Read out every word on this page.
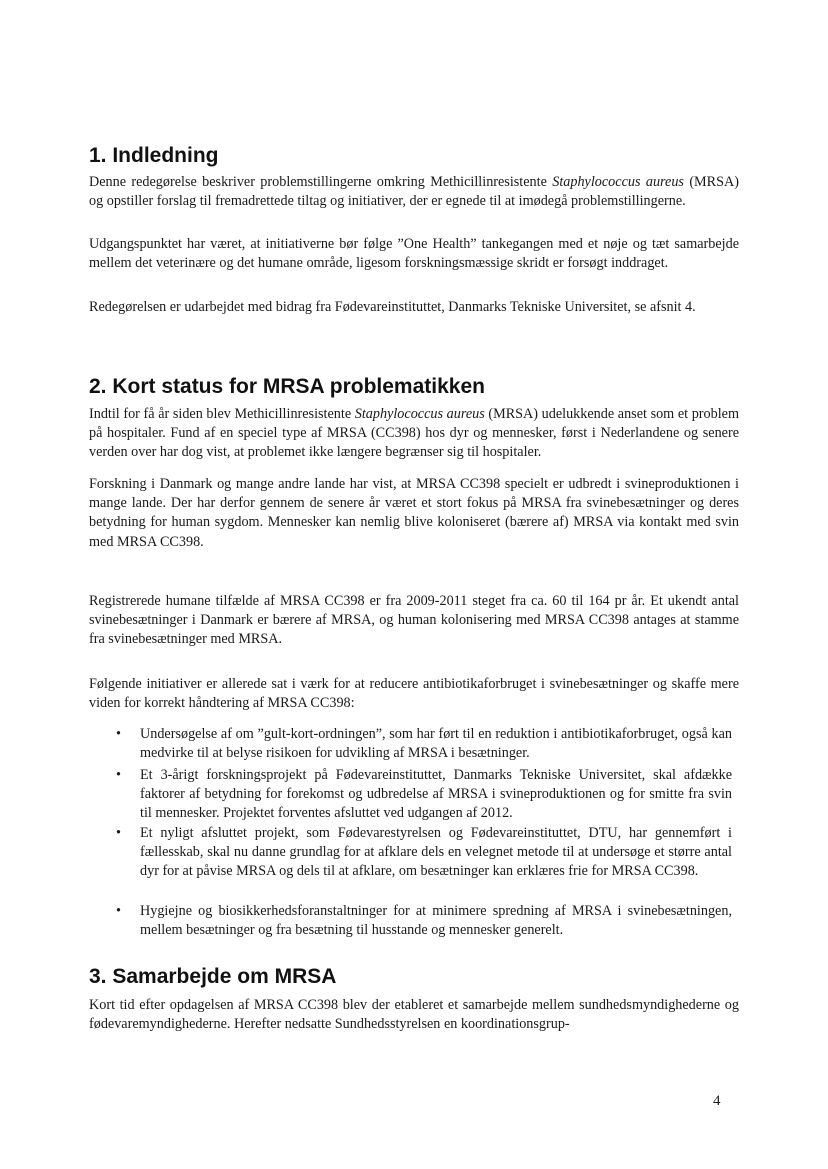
1. Indledning

Denne redegørelse beskriver problemstillingerne omkring Methicillinresistente Staphylococcus aureus (MRSA) og opstiller forslag til fremadrettede tiltag og initiativer, der er egnede til at imødegå problemstillingerne.

Udgangspunktet har været, at initiativerne bør følge ”One Health” tankegangen med et nøje og tæt samarbejde mellem det veterinære og det humane område, ligesom forskningsmæssige skridt er forsøgt inddraget.

Redegørelsen er udarbejdet med bidrag fra Fødevareinstituttet, Danmarks Tekniske Universitet, se afsnit 4.

2. Kort status for MRSA problematikken

Indtil for få år siden blev Methicillinresistente Staphylococcus aureus (MRSA) udelukkende anset som et problem på hospitaler. Fund af en speciel type af MRSA (CC398) hos dyr og mennesker, først i Nederlandene og senere verden over har dog vist, at problemet ikke længere begrænser sig til hospitaler.

Forskning i Danmark og mange andre lande har vist, at MRSA CC398 specielt er udbredt i svineproduktionen i mange lande. Der har derfor gennem de senere år været et stort fokus på MRSA fra svinebesætninger og deres betydning for human sygdom. Mennesker kan nemlig blive koloniseret (bærere af) MRSA via kontakt med svin med MRSA CC398.

Registrerede humane tilfælde af MRSA CC398 er fra 2009-2011 steget fra ca. 60 til 164 pr år. Et ukendt antal svinebesætninger i Danmark er bærere af MRSA, og human kolonisering med MRSA CC398 antages at stamme fra svinebesætninger med MRSA.

Følgende initiativer er allerede sat i værk for at reducere antibiotikaforbruget i svinebesætninger og skaffe mere viden for korrekt håndtering af MRSA CC398:

•	Undersøgelse af om ”gult-kort-ordningen”, som har ført til en reduktion i antibiotikaforbruget, også kan medvirke til at belyse risikoen for udvikling af MRSA i besætninger.
•	Et 3-årigt forskningsprojekt på Fødevareinstituttet, Danmarks Tekniske Universitet, skal afdække faktorer af betydning for forekomst og udbredelse af MRSA i svineproduktionen og for smitte fra svin til mennesker. Projektet forventes afsluttet ved udgangen af 2012.
•	Et nyligt afsluttet projekt, som Fødevarestyrelsen og Fødevareinstituttet, DTU, har gennemført i fællesskab, skal nu danne grundlag for at afklare dels en velegnet metode til at undersøge et større antal dyr for at påvise MRSA og dels til at afklare, om besætninger kan erklæres frie for MRSA CC398.
•	Hygiejne og biosikkerhedsforanstaltninger for at minimere spredning af MRSA i svinebesætningen, mellem besætninger og fra besætning til husstande og mennesker generelt.
3. Samarbejde om MRSA

Kort tid efter opdagelsen af MRSA CC398 blev der etableret et samarbejde mellem sundhedsmyndighederne og fødevaremyndighederne. Herefter nedsatte Sundhedsstyrelsen en koordinationsgrup-

4
